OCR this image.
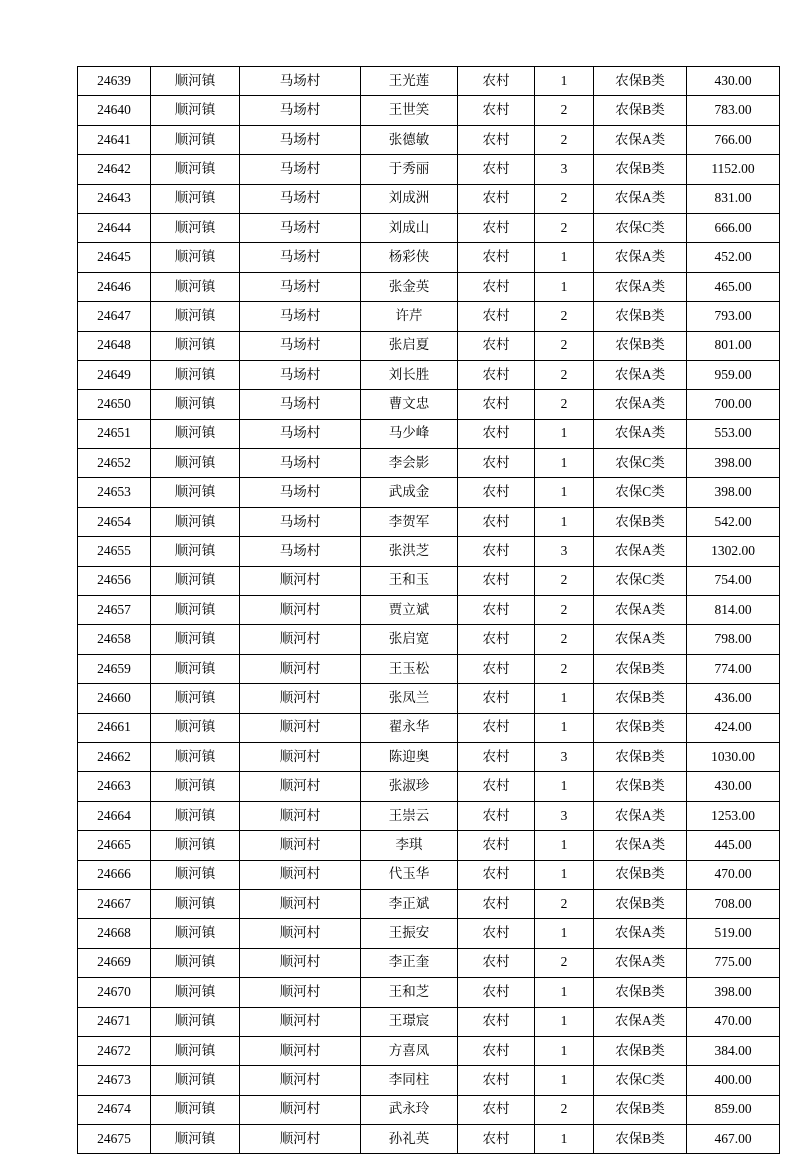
24639	顺河镇	马场村	王光莲	农村	1	农保B类	430.00
24640	顺河镇	马场村	王世笑	农村	2	农保B类	783.00
24641	顺河镇	马场村	张德敏	农村	2	农保A类	766.00
24642	顺河镇	马场村	于秀丽	农村	3	农保B类	1152.00
24643	顺河镇	马场村	刘成洲	农村	2	农保A类	831.00
24644	顺河镇	马场村	刘成山	农村	2	农保C类	666.00
24645	顺河镇	马场村	杨彩侠	农村	1	农保A类	452.00
24646	顺河镇	马场村	张金英	农村	1	农保A类	465.00
24647	顺河镇	马场村	许芹	农村	2	农保B类	793.00
24648	顺河镇	马场村	张启夏	农村	2	农保B类	801.00
24649	顺河镇	马场村	刘长胜	农村	2	农保A类	959.00
24650	顺河镇	马场村	曹文忠	农村	2	农保A类	700.00
24651	顺河镇	马场村	马少峰	农村	1	农保A类	553.00
24652	顺河镇	马场村	李会影	农村	1	农保C类	398.00
24653	顺河镇	马场村	武成金	农村	1	农保C类	398.00
24654	顺河镇	马场村	李贺军	农村	1	农保B类	542.00
24655	顺河镇	马场村	张洪芝	农村	3	农保A类	1302.00
24656	顺河镇	顺河村	王和玉	农村	2	农保C类	754.00
24657	顺河镇	顺河村	贾立斌	农村	2	农保A类	814.00
24658	顺河镇	顺河村	张启宽	农村	2	农保A类	798.00
24659	顺河镇	顺河村	王玉松	农村	2	农保B类	774.00
24660	顺河镇	顺河村	张凤兰	农村	1	农保B类	436.00
24661	顺河镇	顺河村	翟永华	农村	1	农保B类	424.00
24662	顺河镇	顺河村	陈迎奥	农村	3	农保B类	1030.00
24663	顺河镇	顺河村	张淑珍	农村	1	农保B类	430.00
24664	顺河镇	顺河村	王崇云	农村	3	农保A类	1253.00
24665	顺河镇	顺河村	李琪	农村	1	农保A类	445.00
24666	顺河镇	顺河村	代玉华	农村	1	农保B类	470.00
24667	顺河镇	顺河村	李正斌	农村	2	农保B类	708.00
24668	顺河镇	顺河村	王振安	农村	1	农保A类	519.00
24669	顺河镇	顺河村	李正奎	农村	2	农保A类	775.00
24670	顺河镇	顺河村	王和芝	农村	1	农保B类	398.00
24671	顺河镇	顺河村	王璟宸	农村	1	农保A类	470.00
24672	顺河镇	顺河村	方喜凤	农村	1	农保B类	384.00
24673	顺河镇	顺河村	李同柱	农村	1	农保C类	400.00
24674	顺河镇	顺河村	武永玲	农村	2	农保B类	859.00
24675	顺河镇	顺河村	孙礼英	农村	1	农保B类	467.00
